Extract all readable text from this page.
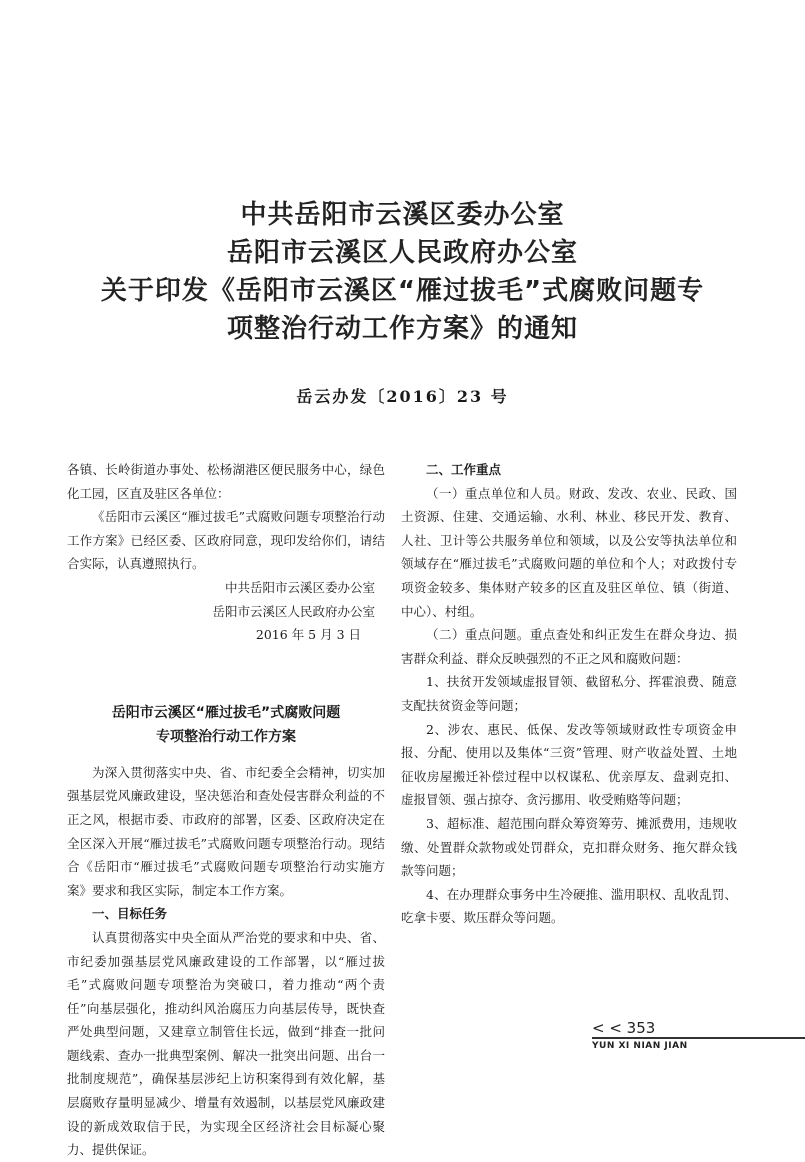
中共岳阳市云溪区委办公室
岳阳市云溪区人民政府办公室
关于印发《岳阳市云溪区“雁过拔毛”式腐败问题专
项整治行动工作方案》的通知
岳云办发〔2016〕23 号

各镇、长岭街道办事处、松杨湖港区便民服务中心，绿色化工园，区直及驻区各单位：

《岳阳市云溪区“雁过拔毛”式腐败问题专项整治行动工作方案》已经区委、区政府同意，现印发给你们，请结合实际，认真遵照执行。

中共岳阳市云溪区委办公室

岳阳市云溪区人民政府办公室

2016 年 5 月 3 日

岳阳市云溪区“雁过拔毛”式腐败问题

专项整治行动工作方案

为深入贯彻落实中央、省、市纪委全会精神，切实加强基层党风廉政建设，坚决惩治和查处侵害群众利益的不正之风，根据市委、市政府的部署，区委、区政府决定在全区深入开展“雁过拔毛”式腐败问题专项整治行动。现结合《岳阳市“雁过拔毛”式腐败问题专项整治行动实施方案》要求和我区实际，制定本工作方案。

一、目标任务

认真贯彻落实中央全面从严治党的要求和中央、省、市纪委加强基层党风廉政建设的工作部署，以“雁过拔毛”式腐败问题专项整治为突破口，着力推动“两个责任”向基层强化，推动纠风治腐压力向基层传导，既快查严处典型问题，又建章立制管住长远，做到“排查一批问题线索、查办一批典型案例、解决一批突出问题、出台一批制度规范”，确保基层涉纪上访积案得到有效化解，基层腐败存量明显减少、增量有效遏制，以基层党风廉政建设的新成效取信于民，为实现全区经济社会目标凝心聚力、提供保证。

二、工作重点

（一）重点单位和人员。财政、发改、农业、民政、国土资源、住建、交通运输、水利、林业、移民开发、教育、人社、卫计等公共服务单位和领域，以及公安等执法单位和领域存在“雁过拔毛”式腐败问题的单位和个人；对政拨付专项资金较多、集体财产较多的区直及驻区单位、镇（街道、中心）、村组。

（二）重点问题。重点查处和纠正发生在群众身边、损害群众利益、群众反映强烈的不正之风和腐败问题：

1、扶贫开发领域虚报冒领、截留私分、挥霍浪费、随意支配扶贫资金等问题；

2、涉农、惠民、低保、发改等领域财政性专项资金申报、分配、使用以及集体“三资”管理、财产收益处置、土地征收房屋搬迁补偿过程中以权谋私、优亲厚友、盘剥克扣、虚报冒领、强占掠夺、贪污挪用、收受贿赂等问题；

3、超标准、超范围向群众筹资筹劳、摊派费用，违规收缴、处置群众款物或处罚群众，克扣群众财务、拖欠群众钱款等问题；

4、在办理群众事务中生冷硬推、滥用职权、乱收乱罚、吃拿卡要、欺压群众等问题。

< < 353
YUN XI NIAN JIAN
